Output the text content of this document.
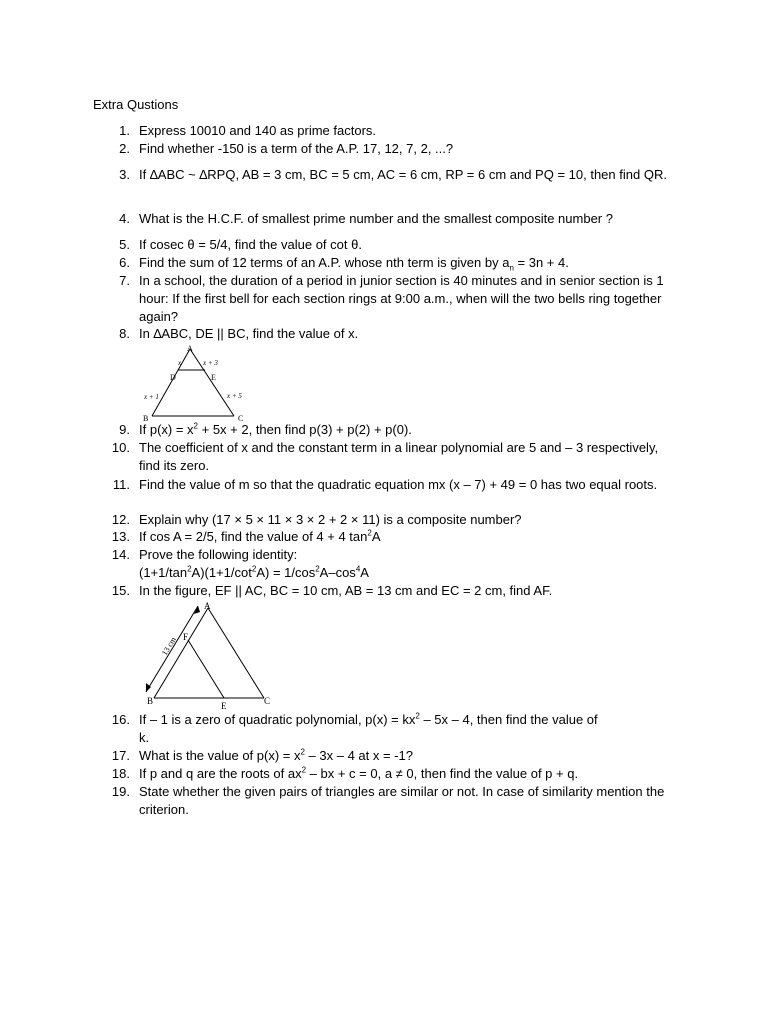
Extra Qustions
1. Express 10010 and 140 as prime factors.
2. Find whether -150 is a term of the A.P. 17, 12, 7, 2, ...?
3. If ∆ABC ~ ∆RPQ, AB = 3 cm, BC = 5 cm, AC = 6 cm, RP = 6 cm and PQ = 10, then find QR.
4. What is the H.C.F. of smallest prime number and the smallest composite number ?
5. If cosec θ = 5/4, find the value of cot θ.
6. Find the sum of 12 terms of an A.P. whose nth term is given by $a_n = 3n + 4$.
7. In a school, the duration of a period in junior section is 40 minutes and in senior section is 1 hour: If the first bell for each section rings at 9:00 a.m., when will the two bells ring together again?
8. In ∆ABC, DE || BC, find the value of x.
A
D	E
B	C
x	x + 3
x + 1	x + 5
9. If $p(x) = x^2 + 5x + 2$, then find p(3) + p(2) + p(0).
10. The coefficient of x and the constant term in a linear polynomial are 5 and – 3 respectively, find its zero.
11. Find the value of m so that the quadratic equation mx (x – 7) + 49 = 0 has two equal roots.
12. Explain why (17 × 5 × 11 × 3 × 2 + 2 × 11) is a composite number?
13. If cos A = 2/5, find the value of 4 + 4 $\tan^2A$
14. Prove the following identity:
$(1+1/\tan^2A)(1+1/\cot^2A) = 1/\cos^2A-\cos^4A$
15. In the figure, EF || AC, BC = 10 cm, AB = 13 cm and EC = 2 cm, find AF.
13 cm
A
F
B	E	C
16. If – 1 is a zero of quadratic polynomial, $p(x) = kx^2 - 5x - 4$, then find the value of
k.
17. What is the value of $p(x) = x^2 - 3x - 4$ at x = -1?
18. If p and q are the roots of $ax^2$ – bx + c = 0, a ≠ 0, then find the value of p + q.
19. State whether the given pairs of triangles are similar or not. In case of similarity mention the criterion.
